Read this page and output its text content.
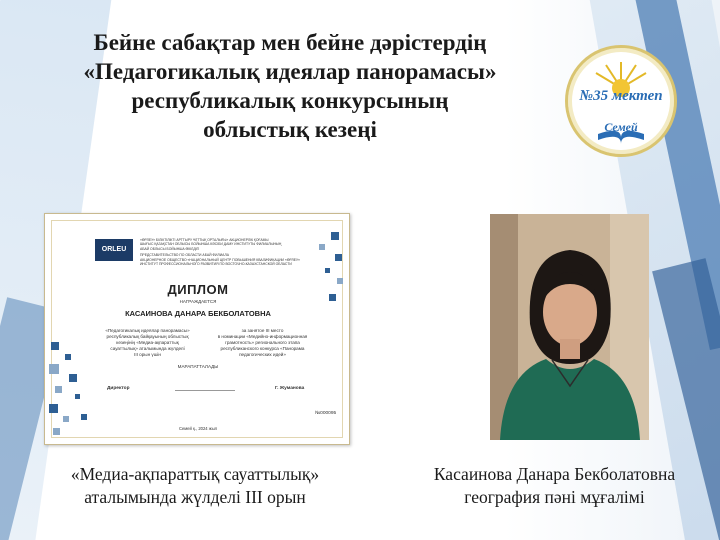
Бейне сабақтар мен бейне дәрістердің
«Педагогикалық идеялар панорамасы»
республикалық конкурсының
облыстық кезеңі
№35 мектеп
Семей
ORLEU
«ӨРЛЕУ» БІЛІКТІЛІКТІ АРТТЫРУ ҰЛТТЫҚ ОРТАЛЫҒЫ» АКЦИОНЕРЛІК ҚОҒАМЫ
ШЫҒЫС ҚАЗАҚСТАН ОБЛЫСЫ БОЙЫНША КӘСІБИ ДАМУ ИНСТИТУТЫ ФИЛИАЛЫНЫҢ
АБАЙ ОБЛЫСЫ БОЙЫНША ӨКІЛДІГІ
ПРЕДСТАВИТЕЛЬСТВО ПО ОБЛАСТИ АБАЙ ФИЛИАЛА
АКЦИОНЕРНОЕ ОБЩЕСТВО «НАЦИОНАЛЬНЫЙ ЦЕНТР ПОВЫШЕНИЯ КВАЛИФИКАЦИИ «ӨРЛЕУ»
ИНСТИТУТ ПРОФЕССИОНАЛЬНОГО РАЗВИТИЯ ПО ВОСТОЧНО-КАЗАХСТАНСКОЙ ОБЛАСТИ
ДИПЛОМ
НАГРАЖДАЕТСЯ
КАСАИНОВА ДАНАРА БЕКБОЛАТОВНА
«Педагогикалық идеялар панорамасы»
республикалық байқауының облыстық
кезеңінің «Медиа-ақпараттық
сауаттылық» аталымында жүлделі
III орын үшін
за занятое III место
в номинации «Медийно-информационная
грамотность» регионального этапа
республиканского конкурса «Панорама
педагогических идей»
МАРАПАТТАЛАДЫ
Директор	Г. Жуманова
№000095
Семей қ., 2024 жыл
«Медиа-ақпараттық сауаттылық»
аталымында жүлделі III орын
Касаинова Данара Бекболатовна
география пәні мұғалімі
